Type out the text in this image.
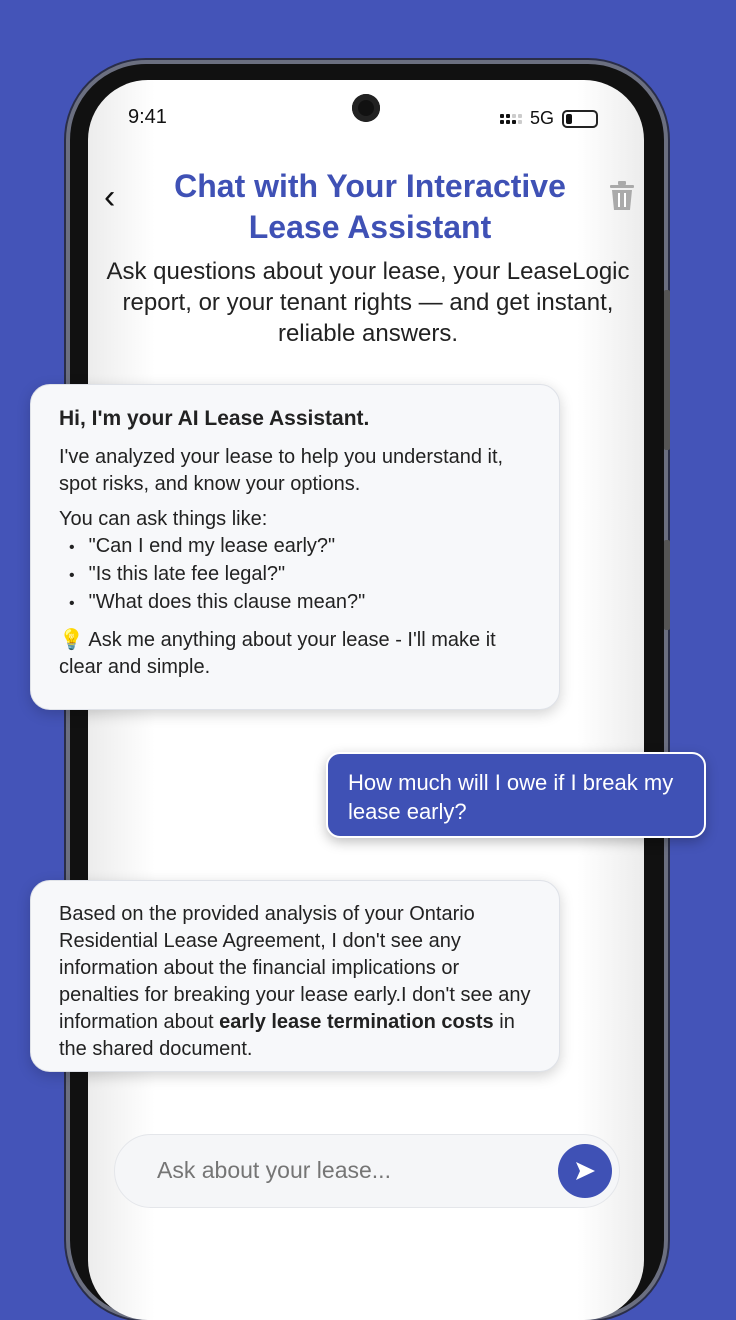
9:41	5G
‹	Chat with Your Interactive Lease Assistant
Ask questions about your lease, your LeaseLogic report, or your tenant rights — and get instant, reliable answers.
Hi, I'm your AI Lease Assistant.

I've analyzed your lease to help you understand it, spot risks, and know your options.

You can ask things like:

• "Can I end my lease early?"
• "Is this late fee legal?"
• "What does this clause mean?"

💡 Ask me anything about your lease - I'll make it clear and simple.

How much will I owe if I break my lease early?
Based on the provided analysis of your Ontario Residential Lease Agreement, I don't see any information about the financial implications or penalties for breaking your lease early.I don't see any information about early lease termination costs in the shared document.
Ask about your lease...
